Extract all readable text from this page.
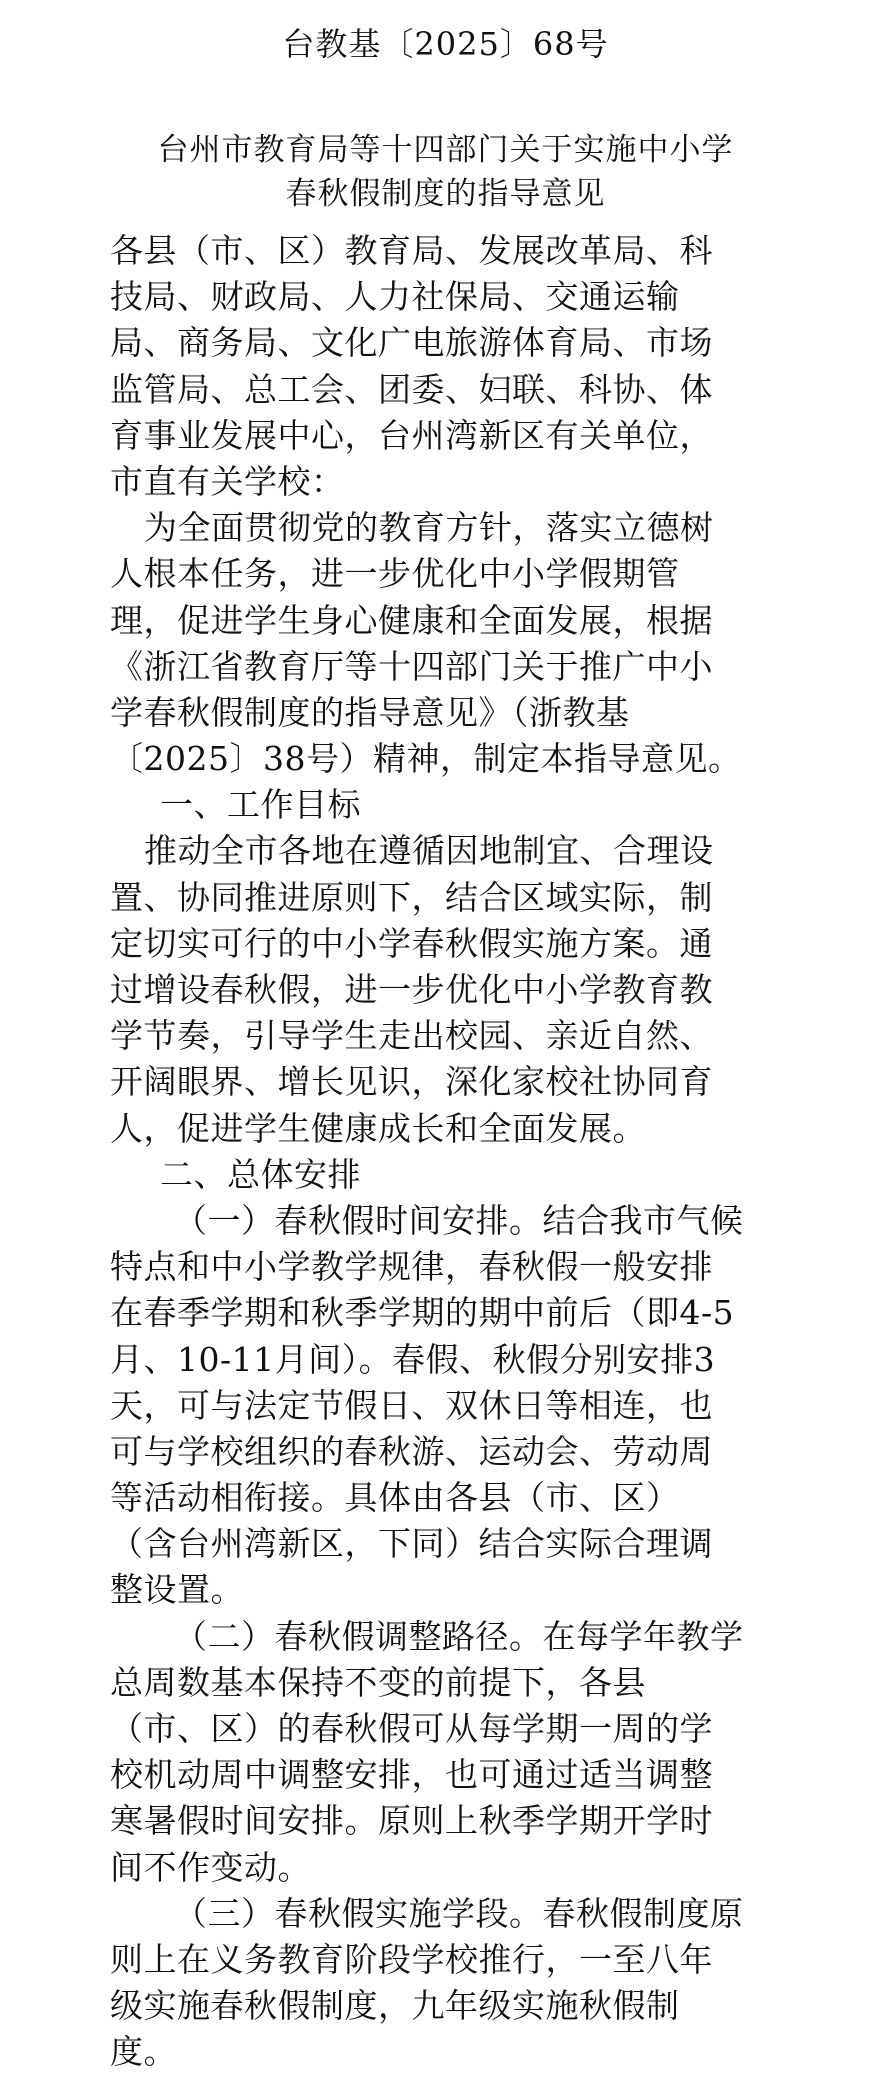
台教基〔2025〕68号
台州市教育局等十四部门关于实施中小学
春秋假制度的指导意见
各县（市、区）教育局、发展改革局、科
技局、财政局、人力社保局、交通运输
局、商务局、文化广电旅游体育局、市场
监管局、总工会、团委、妇联、科协、体
育事业发展中心，台州湾新区有关单位，
市直有关学校：
为全面贯彻党的教育方针，落实立德树
人根本任务，进一步优化中小学假期管
理，促进学生身心健康和全面发展，根据
《浙江省教育厅等十四部门关于推广中小
学春秋假制度的指导意见》（浙教基
〔2025〕38号）精神，制定本指导意见。
一、工作目标
推动全市各地在遵循因地制宜、合理设
置、协同推进原则下，结合区域实际，制
定切实可行的中小学春秋假实施方案。通
过增设春秋假，进一步优化中小学教育教
学节奏，引导学生走出校园、亲近自然、
开阔眼界、增长见识，深化家校社协同育
人，促进学生健康成长和全面发展。
二、总体安排
（一）春秋假时间安排。结合我市气候
特点和中小学教学规律，春秋假一般安排
在春季学期和秋季学期的期中前后（即4-5
月、10-11月间）。春假、秋假分别安排3
天，可与法定节假日、双休日等相连，也
可与学校组织的春秋游、运动会、劳动周
等活动相衔接。具体由各县（市、区）
（含台州湾新区，下同）结合实际合理调
整设置。
（二）春秋假调整路径。在每学年教学
总周数基本保持不变的前提下，各县
（市、区）的春秋假可从每学期一周的学
校机动周中调整安排，也可通过适当调整
寒暑假时间安排。原则上秋季学期开学时
间不作变动。
（三）春秋假实施学段。春秋假制度原
则上在义务教育阶段学校推行，一至八年
级实施春秋假制度，九年级实施秋假制
度。
